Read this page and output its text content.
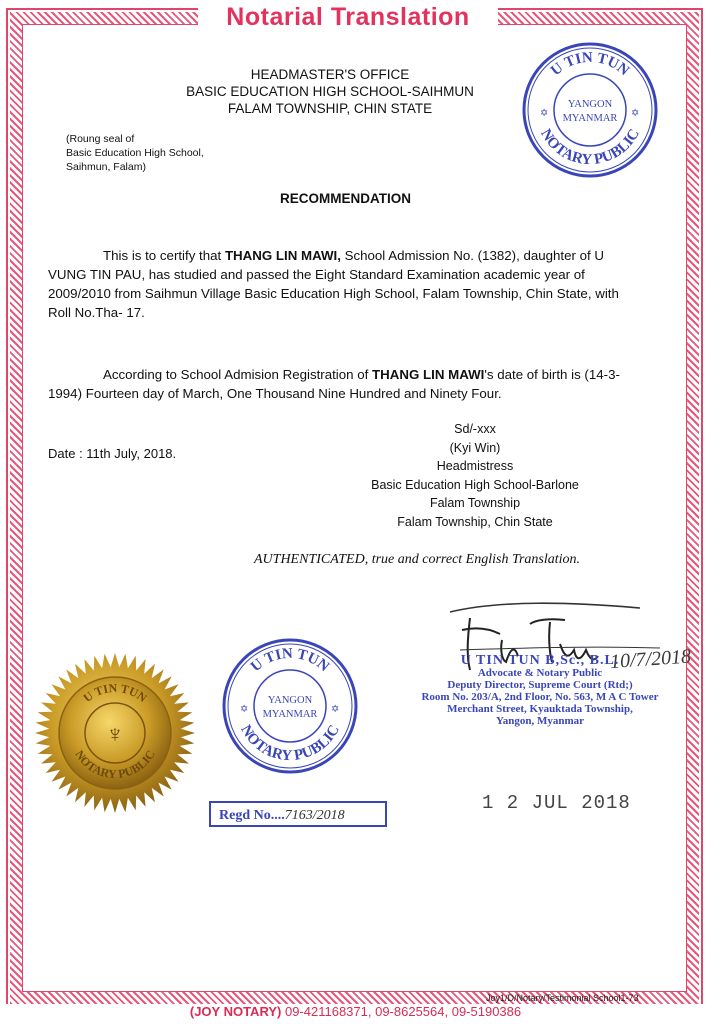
Notarial Translation
HEADMASTER'S OFFICE
BASIC EDUCATION HIGH SCHOOL-SAIHMUN
FALAM TOWNSHIP, CHIN STATE
(Roung seal of
Basic Education High School,
Saihmun, Falam)
RECOMMENDATION
This is to certify that THANG LIN MAWI, School Admission No. (1382), daughter of U VUNG TIN PAU, has studied and passed the Eight Standard Examination academic year of 2009/2010 from Saihmun Village Basic Education High School, Falam Township, Chin State, with Roll No.Tha- 17.
According to School Admision Registration of THANG LIN MAWI's date of birth is (14-3-1994) Fourteen day of March, One Thousand Nine Hundred and Ninety Four.
Date : 11th July, 2018.
Sd/-xxx
(Kyi Win)
Headmistress
Basic Education High School-Barlone
Falam Township
Falam Township, Chin State
AUTHENTICATED, true and correct English Translation.
U TIN TUN
NOTARY PUBLIC
YANGON
MYANMAR
✡	✡
U TIN TUN
NOTARY PUBLIC
YANGON
MYANMAR
✡	✡
10/7/2018
U TIN TUN B,Sc., B.L.
Advocate & Notary Public
Deputy Director, Supreme Court (Rtd;)
Room No. 203/A, 2nd Floor, No. 563, M A C Tower
Merchant Street, Kyauktada Township,
Yangon, Myanmar
U TIN TUN
NOTARY PUBLIC
♆
Regd No....7163/2018
1 2 JUL 2018
Joy1/D/Notary/Testimonial School1-73
(JOY NOTARY) 09-421168371, 09-8625564, 09-5190386
